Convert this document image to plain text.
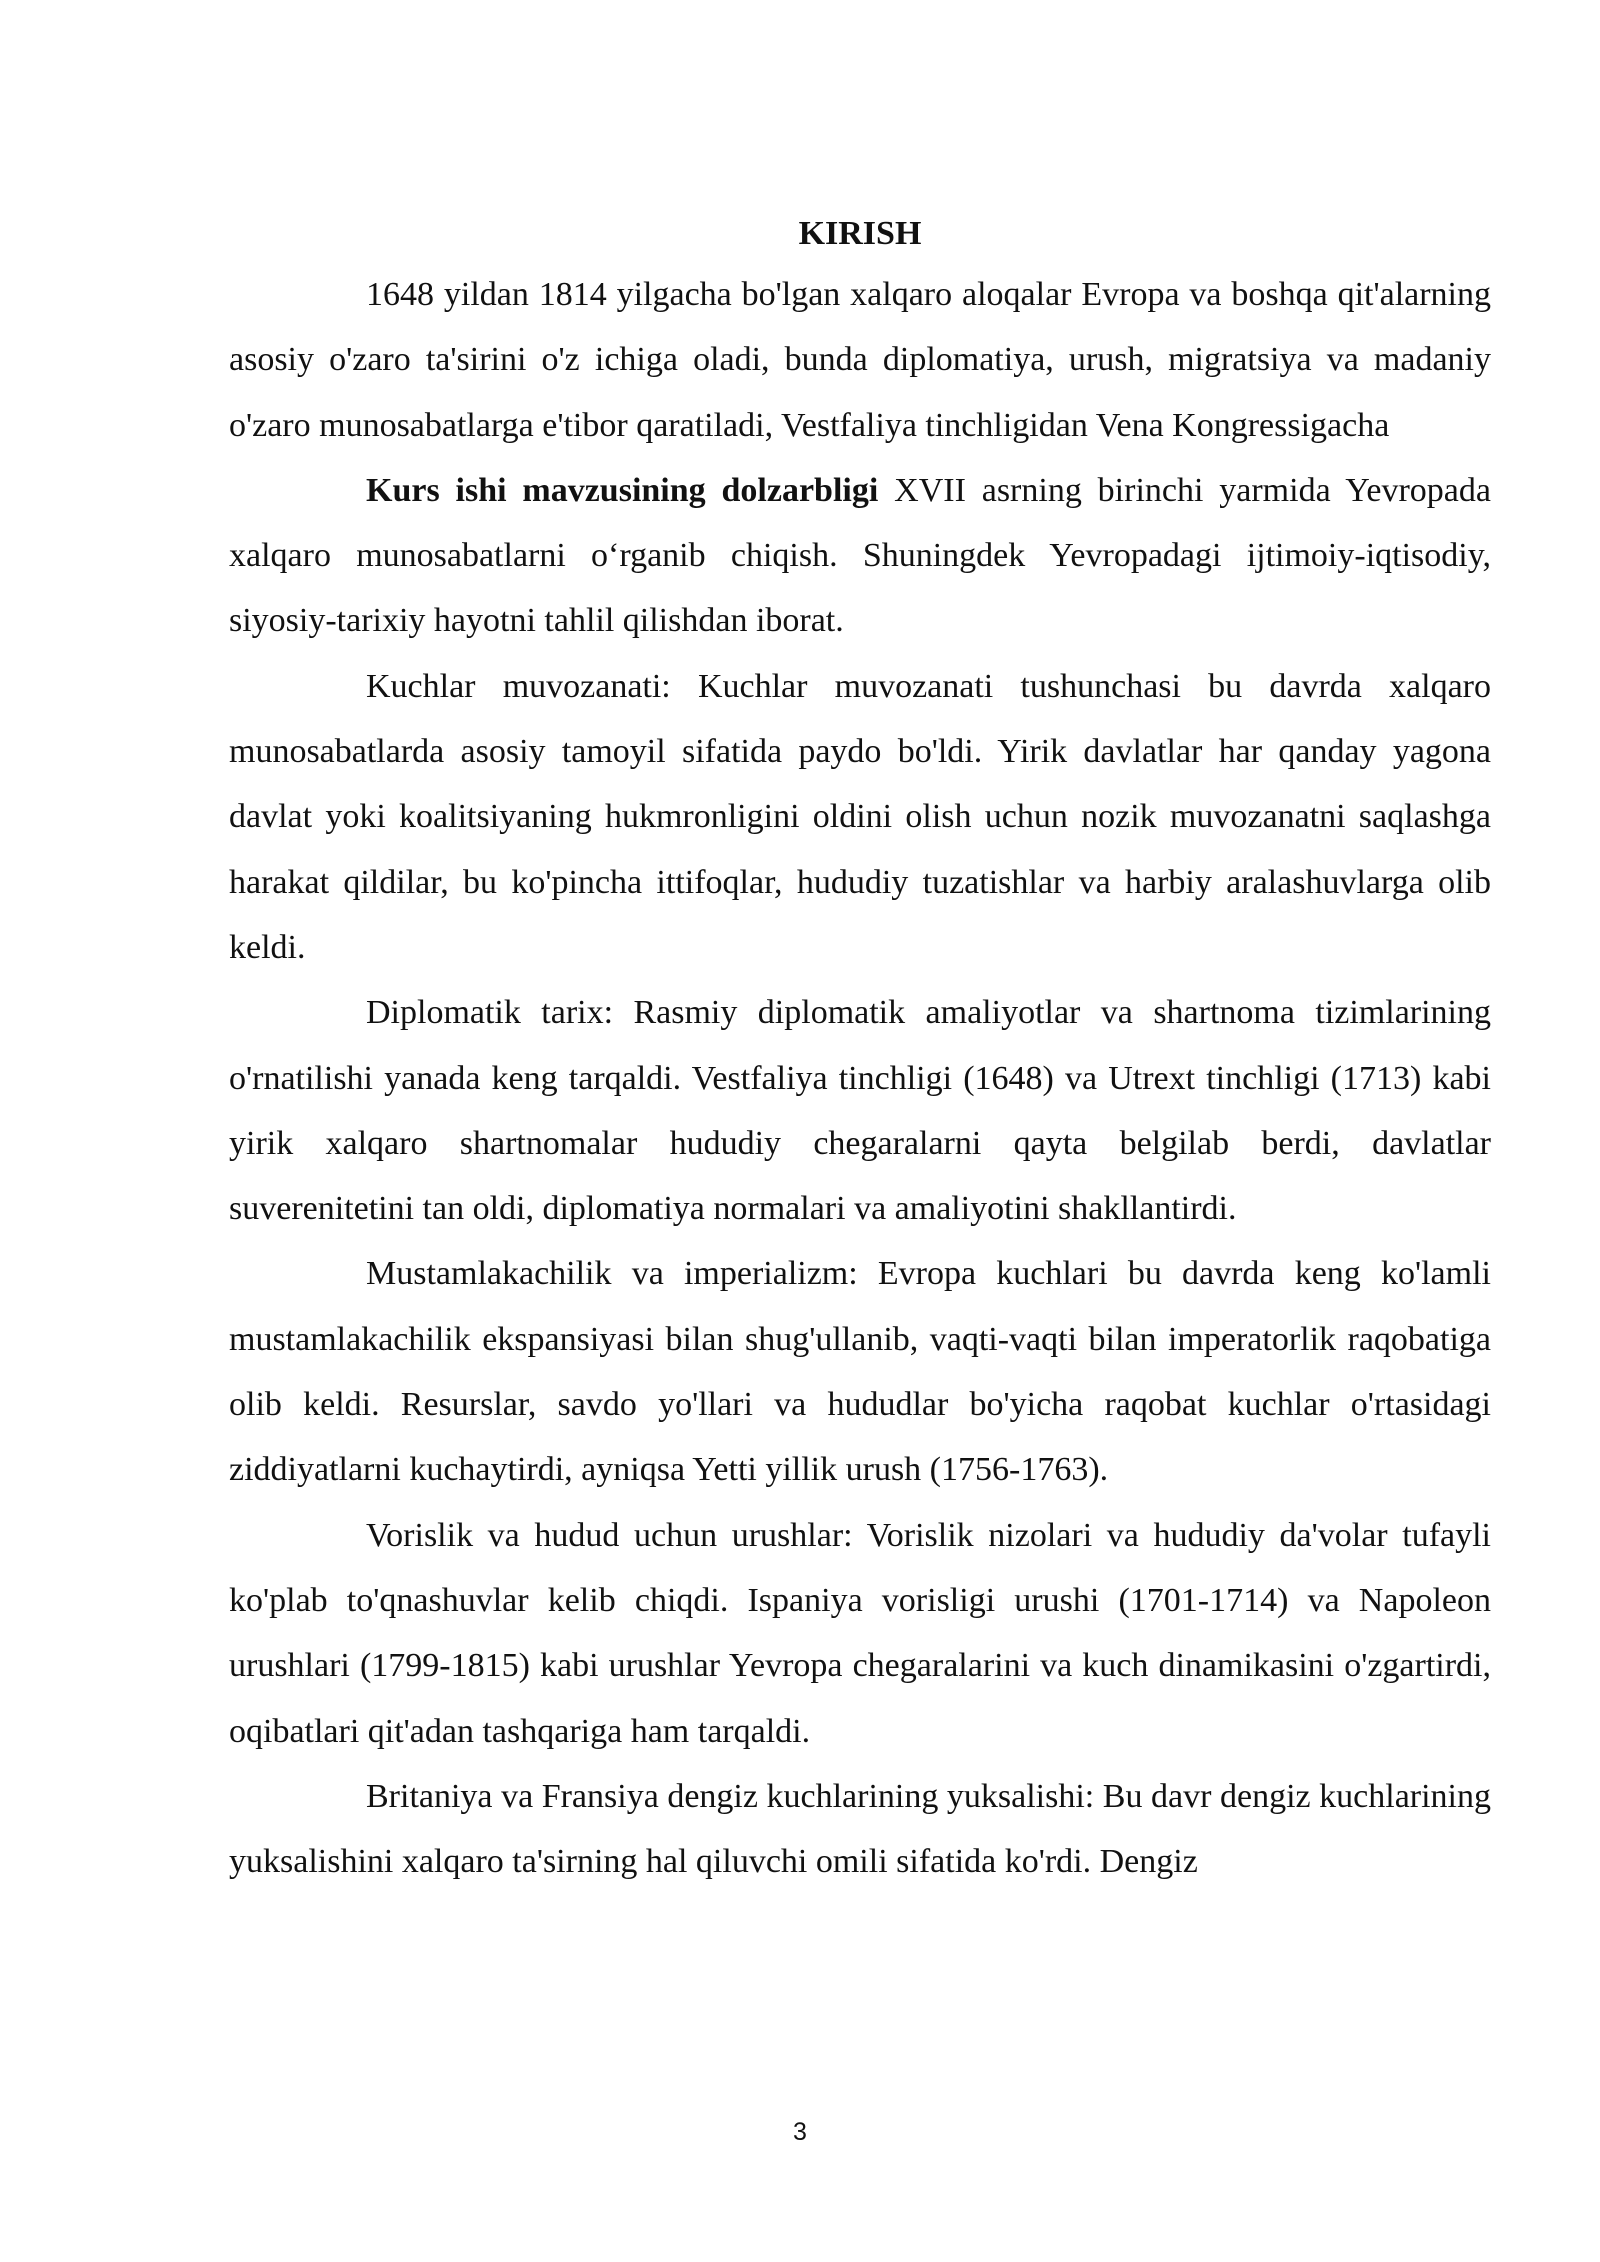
KIRISH

1648 yildan 1814 yilgacha bo'lgan xalqaro aloqalar Evropa va boshqa qit'alarning asosiy o'zaro ta'sirini o'z ichiga oladi, bunda diplomatiya, urush, migratsiya va madaniy o'zaro munosabatlarga e'tibor qaratiladi, Vestfaliya tinchligidan Vena Kongressigacha

Kurs ishi mavzusining dolzarbligi XVII asrning birinchi yarmida Yevropada xalqaro munosabatlarni o‘rganib chiqish. Shuningdek Yevropadagi ijtimoiy-iqtisodiy, siyosiy-tarixiy hayotni tahlil qilishdan iborat.

Kuchlar muvozanati: Kuchlar muvozanati tushunchasi bu davrda xalqaro munosabatlarda asosiy tamoyil sifatida paydo bo'ldi. Yirik davlatlar har qanday yagona davlat yoki koalitsiyaning hukmronligini oldini olish uchun nozik muvozanatni saqlashga harakat qildilar, bu ko'pincha ittifoqlar, hududiy tuzatishlar va harbiy aralashuvlarga olib keldi.

Diplomatik tarix: Rasmiy diplomatik amaliyotlar va shartnoma tizimlarining o'rnatilishi yanada keng tarqaldi. Vestfaliya tinchligi (1648) va Utrext tinchligi (1713) kabi yirik xalqaro shartnomalar hududiy chegaralarni qayta belgilab berdi, davlatlar suverenitetini tan oldi, diplomatiya normalari va amaliyotini shakllantirdi.

Mustamlakachilik va imperializm: Evropa kuchlari bu davrda keng ko'lamli mustamlakachilik ekspansiyasi bilan shug'ullanib, vaqti-vaqti bilan imperatorlik raqobatiga olib keldi. Resurslar, savdo yo'llari va hududlar bo'yicha raqobat kuchlar o'rtasidagi ziddiyatlarni kuchaytirdi, ayniqsa Yetti yillik urush (1756-1763).

Vorislik va hudud uchun urushlar: Vorislik nizolari va hududiy da'volar tufayli ko'plab to'qnashuvlar kelib chiqdi. Ispaniya vorisligi urushi (1701-1714) va Napoleon urushlari (1799-1815) kabi urushlar Yevropa chegaralarini va kuch dinamikasini o'zgartirdi, oqibatlari qit'adan tashqariga ham tarqaldi.

Britaniya va Fransiya dengiz kuchlarining yuksalishi: Bu davr dengiz kuchlarining yuksalishini xalqaro ta'sirning hal qiluvchi omili sifatida ko'rdi. Dengiz

3
